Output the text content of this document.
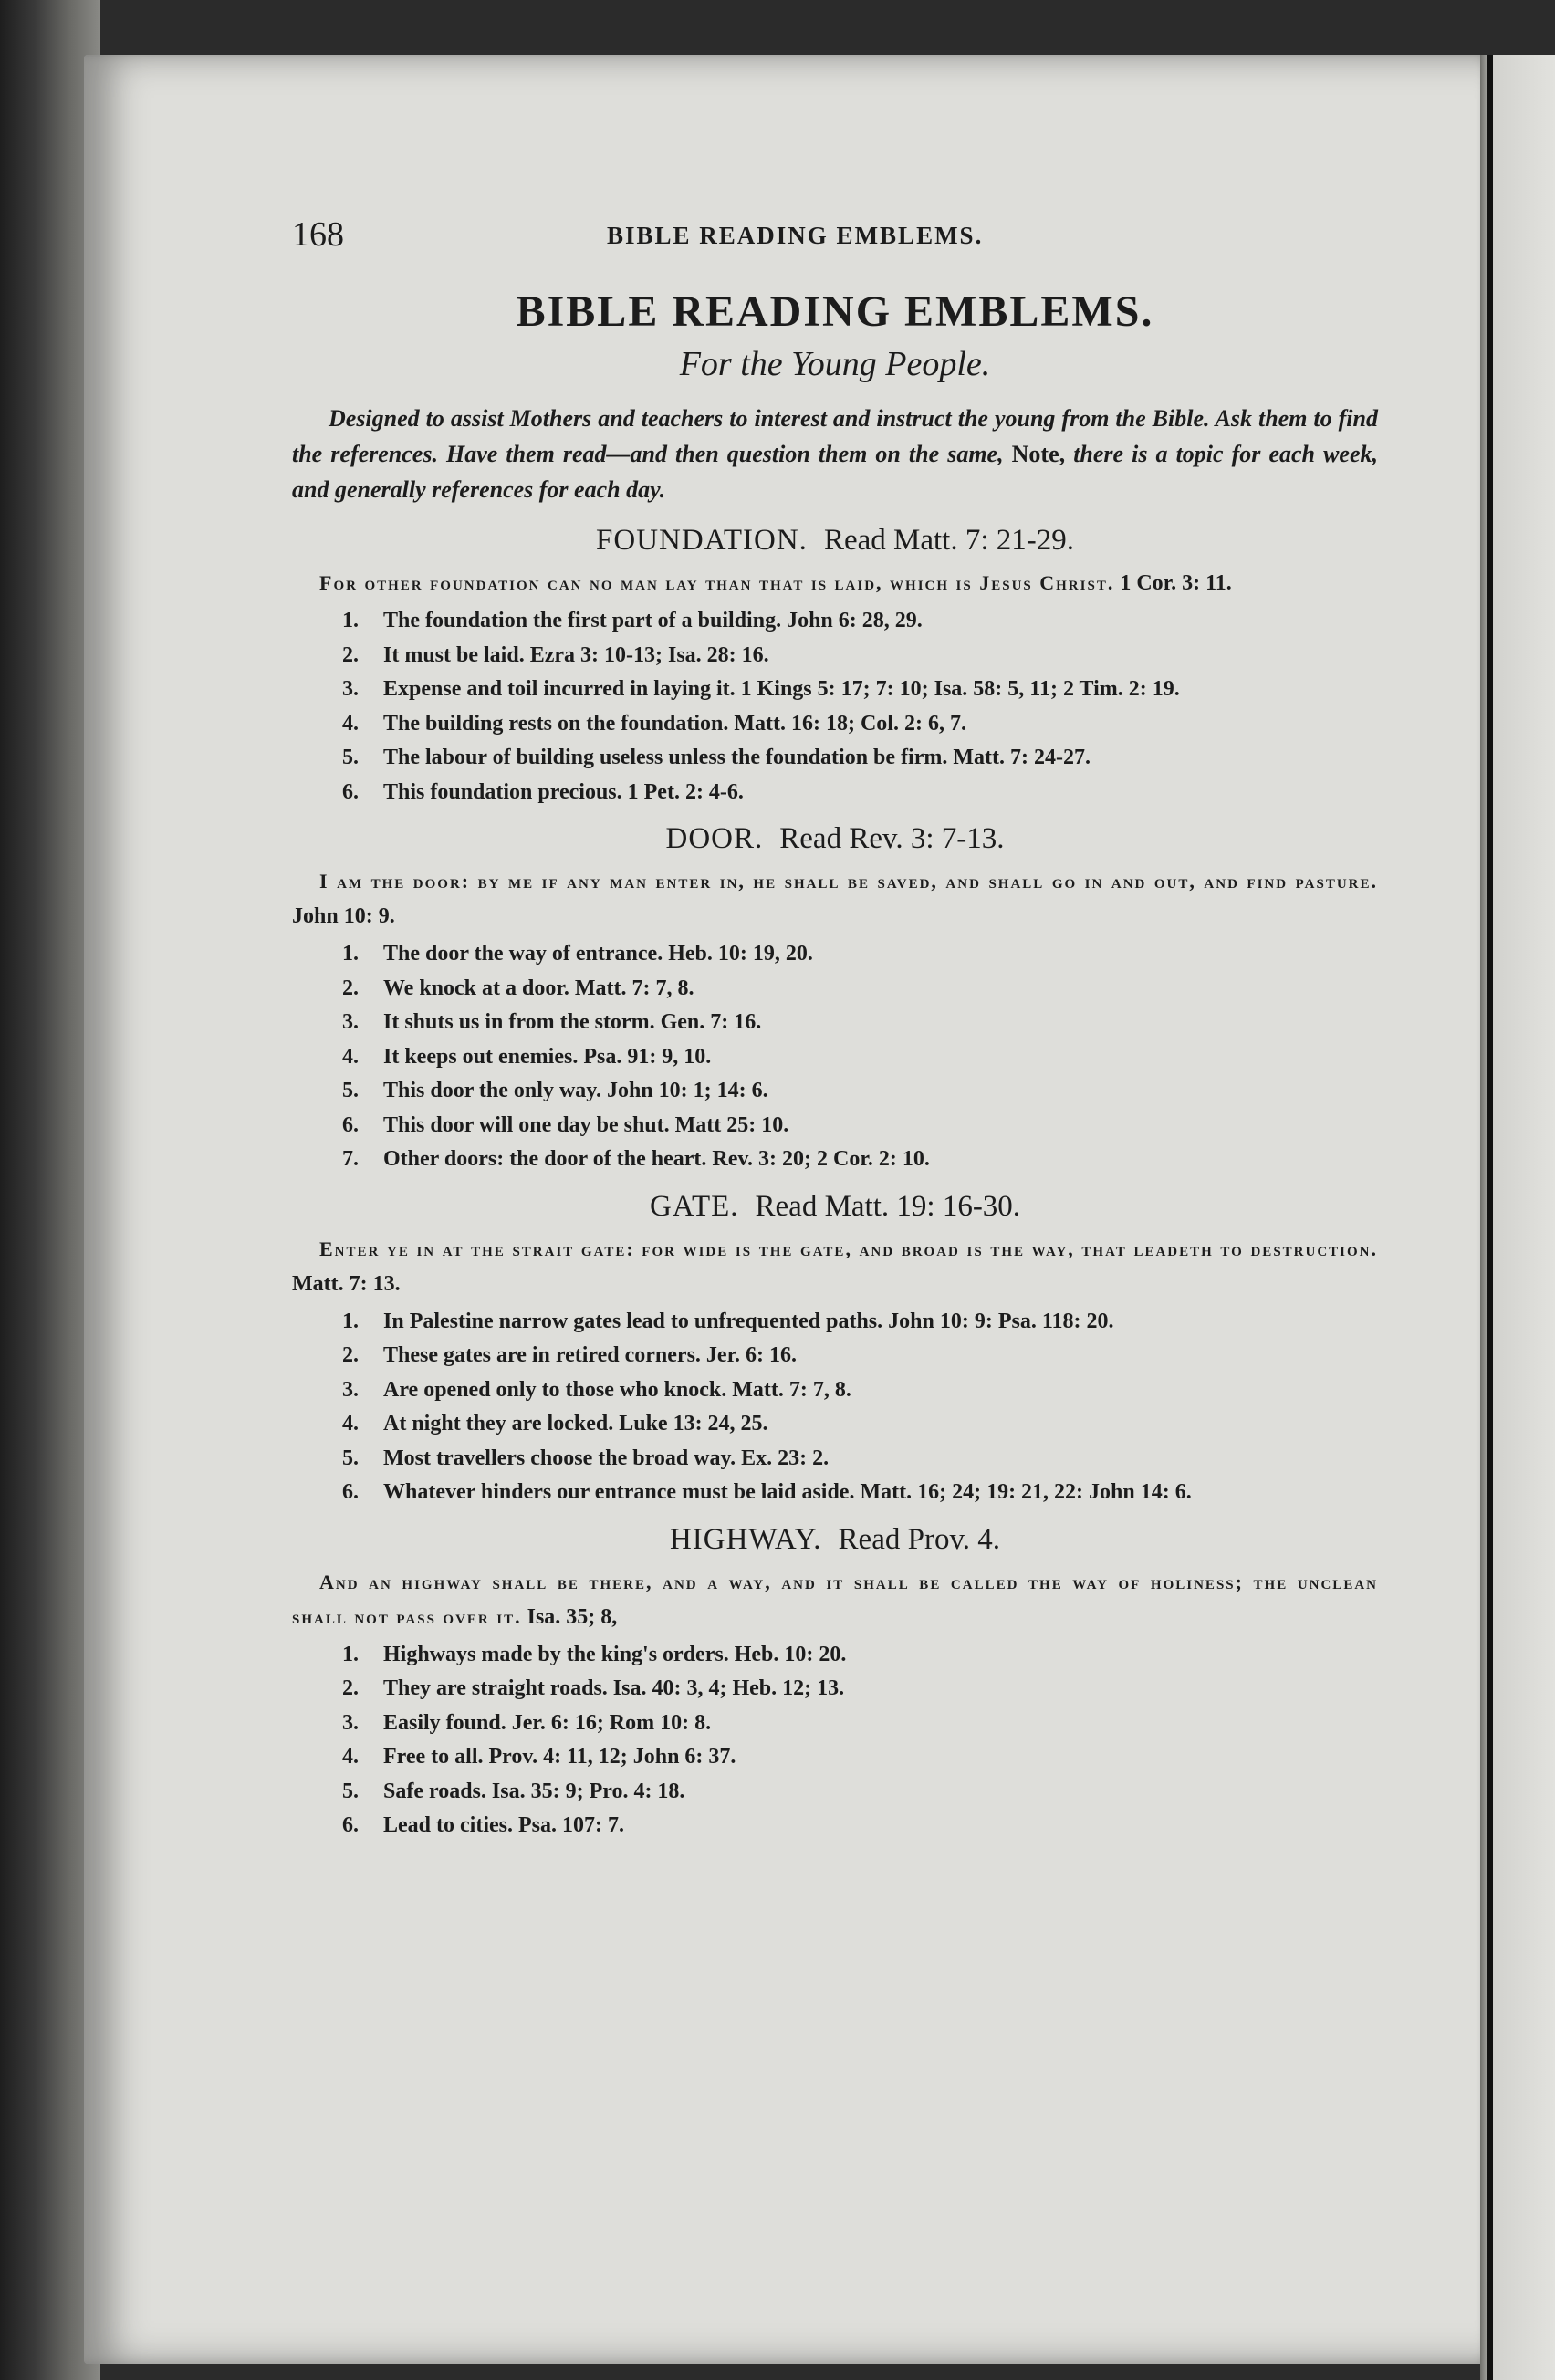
168	BIBLE READING EMBLEMS.
BIBLE READING EMBLEMS.
For the Young People.

Designed to assist Mothers and teachers to interest and instruct the young from the Bible. Ask them to find the references. Have them read—and then question them on the same, Note, there is a topic for each week, and generally references for each day.

FOUNDATION. Read Matt. 7: 21-29.

For other foundation can no man lay than that is laid, which is Jesus Christ. 1 Cor. 3: 11.

1. The foundation the first part of a building. John 6: 28, 29.
2. It must be laid. Ezra 3: 10-13; Isa. 28: 16.
3. Expense and toil incurred in laying it. 1 Kings 5: 17; 7: 10; Isa. 58: 5, 11; 2 Tim. 2: 19.
4. The building rests on the foundation. Matt. 16: 18; Col. 2: 6, 7.
5. The labour of building useless unless the foundation be firm. Matt. 7: 24-27.
6. This foundation precious. 1 Pet. 2: 4-6.
DOOR. Read Rev. 3: 7-13.

I am the door: by me if any man enter in, he shall be saved, and shall go in and out, and find pasture. John 10: 9.

1. The door the way of entrance. Heb. 10: 19, 20.
2. We knock at a door. Matt. 7: 7, 8.
3. It shuts us in from the storm. Gen. 7: 16.
4. It keeps out enemies. Psa. 91: 9, 10.
5. This door the only way. John 10: 1; 14: 6.
6. This door will one day be shut. Matt 25: 10.
7. Other doors: the door of the heart. Rev. 3: 20; 2 Cor. 2: 10.
GATE. Read Matt. 19: 16-30.

Enter ye in at the strait gate: for wide is the gate, and broad is the way, that leadeth to destruction. Matt. 7: 13.

1. In Palestine narrow gates lead to unfrequented paths. John 10: 9: Psa. 118: 20.
2. These gates are in retired corners. Jer. 6: 16.
3. Are opened only to those who knock. Matt. 7: 7, 8.
4. At night they are locked. Luke 13: 24, 25.
5. Most travellers choose the broad way. Ex. 23: 2.
6. Whatever hinders our entrance must be laid aside. Matt. 16; 24; 19: 21, 22: John 14: 6.
HIGHWAY. Read Prov. 4.

And an highway shall be there, and a way, and it shall be called the way of holiness; the unclean shall not pass over it. Isa. 35; 8,

1. Highways made by the king's orders. Heb. 10: 20.
2. They are straight roads. Isa. 40: 3, 4; Heb. 12; 13.
3. Easily found. Jer. 6: 16; Rom 10: 8.
4. Free to all. Prov. 4: 11, 12; John 6: 37.
5. Safe roads. Isa. 35: 9; Pro. 4: 18.
6. Lead to cities. Psa. 107: 7.
